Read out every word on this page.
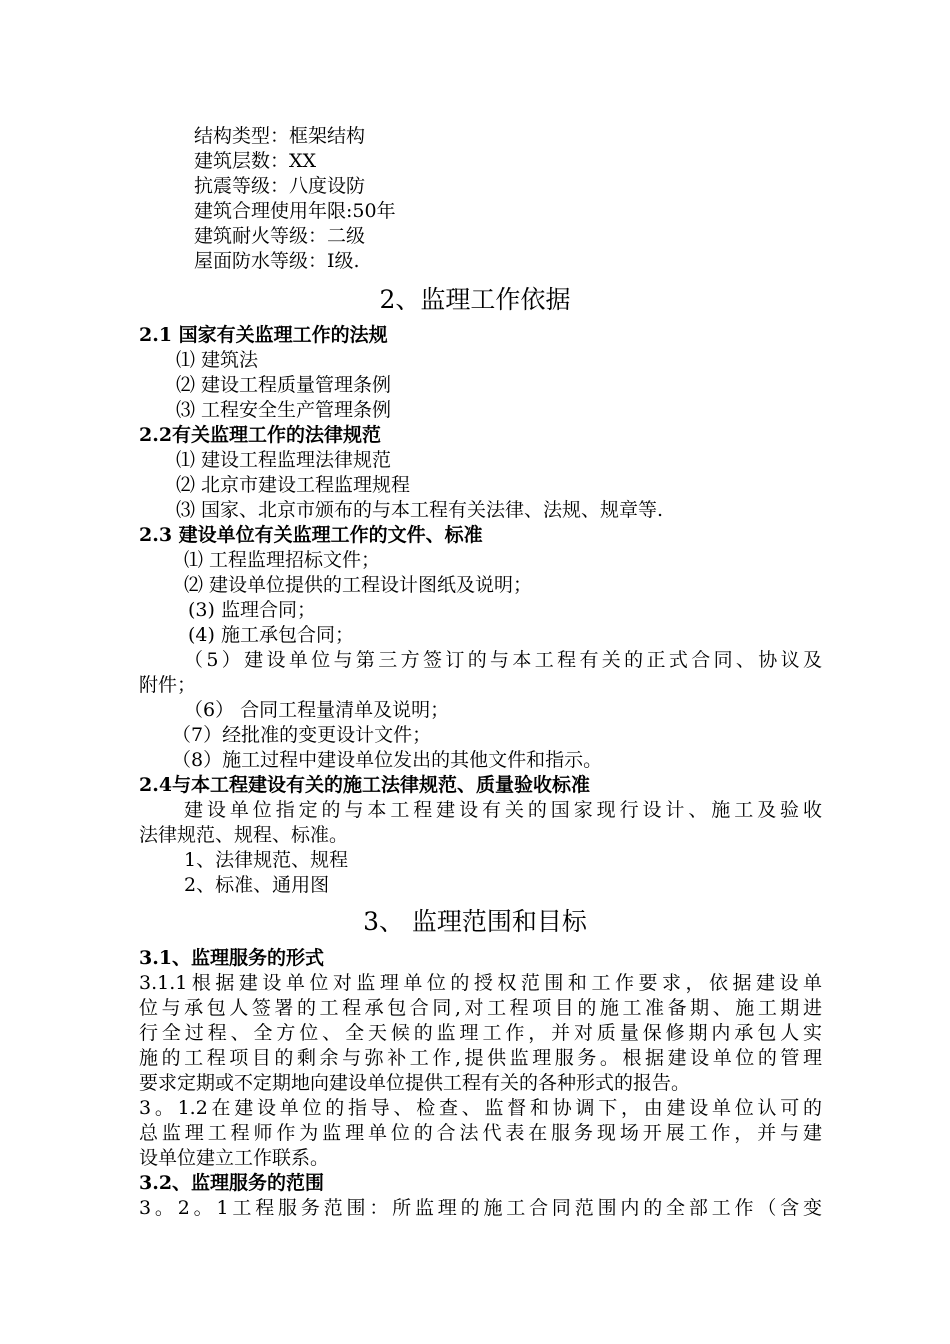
结构类型：框架结构
建筑层数：XX
抗震等级：八度设防
建筑合理使用年限:50年
建筑耐火等级：二级
屋面防水等级：Ⅰ级.
2、监理工作依据
2.1 国家有关监理工作的法规
⑴ 建筑法
⑵ 建设工程质量管理条例
⑶ 工程安全生产管理条例
2.2有关监理工作的法律规范
⑴ 建设工程监理法律规范
⑵ 北京市建设工程监理规程
⑶ 国家、北京市颁布的与本工程有关法律、法规、规章等.
2.3 建设单位有关监理工作的文件、标准
⑴ 工程监理招标文件；
⑵ 建设单位提供的工程设计图纸及说明；
(3) 监理合同；
(4) 施工承包合同；
（5）建设单位与第三方签订的与本工程有关的正式合同、协议及
附件；
（6） 合同工程量清单及说明；
（7）经批准的变更设计文件；
（8）施工过程中建设单位发出的其他文件和指示。
2.4与本工程建设有关的施工法律规范、质量验收标准
建设单位指定的与本工程建设有关的国家现行设计、施工及验收
法律规范、规程、标准。
1、法律规范、规程
2、标准、通用图
3、 监理范围和目标
3.1、监理服务的形式
3.1.1根据建设单位对监理单位的授权范围和工作要求，依据建设单
位与承包人签署的工程承包合同,对工程项目的施工准备期、施工期进
行全过程、全方位、全天候的监理工作，并对质量保修期内承包人实
施的工程项目的剩余与弥补工作,提供监理服务。根据建设单位的管理
要求定期或不定期地向建设单位提供工程有关的各种形式的报告。
3。1.2在建设单位的指导、检查、监督和协调下，由建设单位认可的
总监理工程师作为监理单位的合法代表在服务现场开展工作，并与建
设单位建立工作联系。
3.2、监理服务的范围
3。2。1工程服务范围：所监理的施工合同范围内的全部工作（含变
